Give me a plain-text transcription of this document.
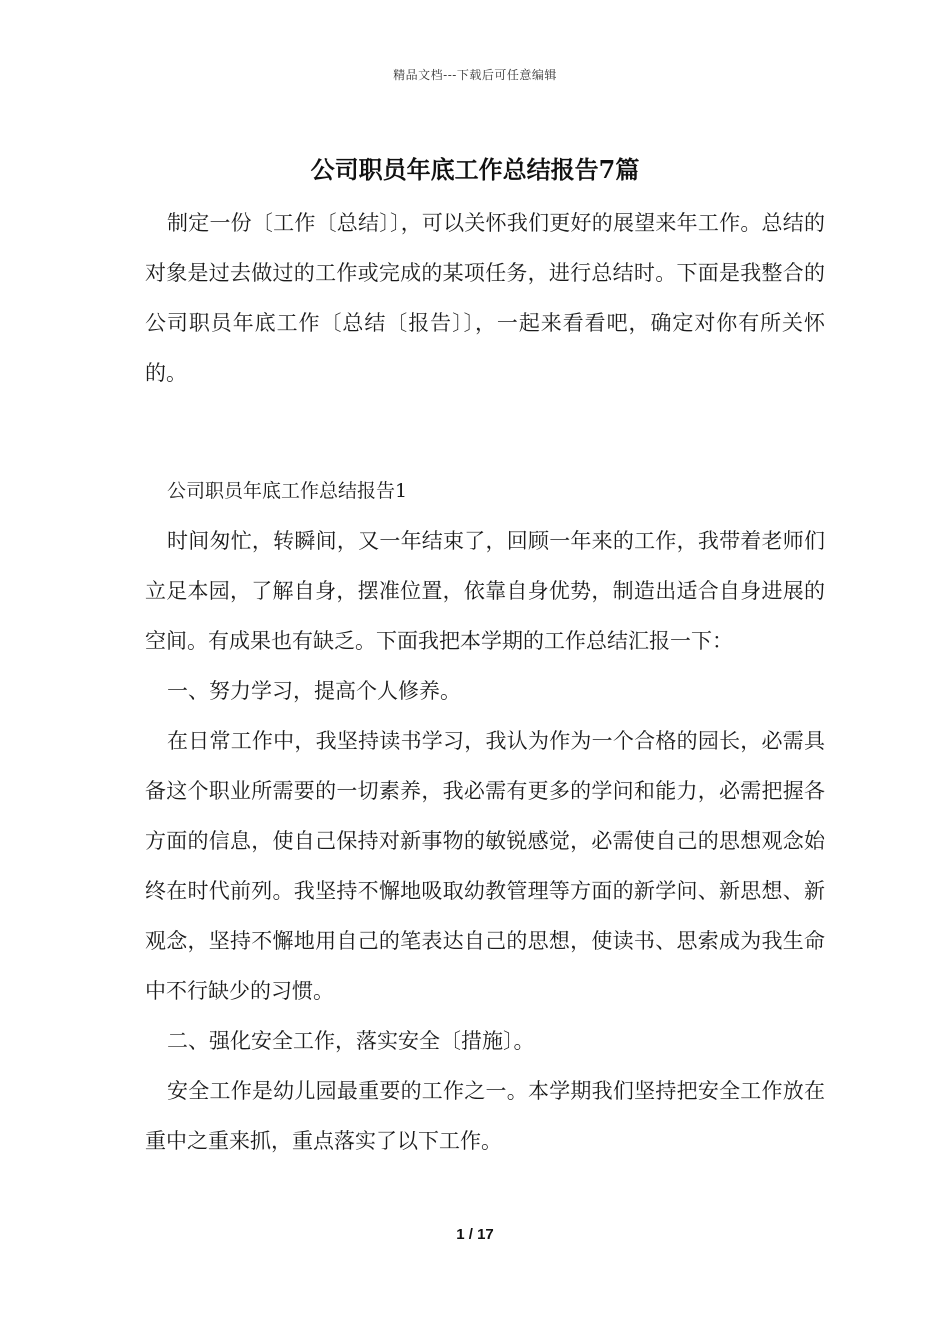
精品文档---下载后可任意编辑
公司职员年底工作总结报告7篇

制定一份〔工作〔总结〕〕，可以关怀我们更好的展望来年工作。总结的对象是过去做过的工作或完成的某项任务，进行总结时。下面是我整合的公司职员年底工作〔总结〔报告〕〕，一起来看看吧，确定对你有所关怀的。

公司职员年底工作总结报告1

时间匆忙，转瞬间，又一年结束了，回顾一年来的工作，我带着老师们立足本园，了解自身，摆准位置，依靠自身优势，制造出适合自身进展的空间。有成果也有缺乏。下面我把本学期的工作总结汇报一下：

一、努力学习，提高个人修养。

在日常工作中，我坚持读书学习，我认为作为一个合格的园长，必需具备这个职业所需要的一切素养，我必需有更多的学问和能力，必需把握各方面的信息，使自己保持对新事物的敏锐感觉，必需使自己的思想观念始终在时代前列。我坚持不懈地吸取幼教管理等方面的新学问、新思想、新观念，坚持不懈地用自己的笔表达自己的思想，使读书、思索成为我生命中不行缺少的习惯。

二、强化安全工作，落实安全〔措施〕。

安全工作是幼儿园最重要的工作之一。本学期我们坚持把安全工作放在重中之重来抓，重点落实了以下工作。

1 / 17
